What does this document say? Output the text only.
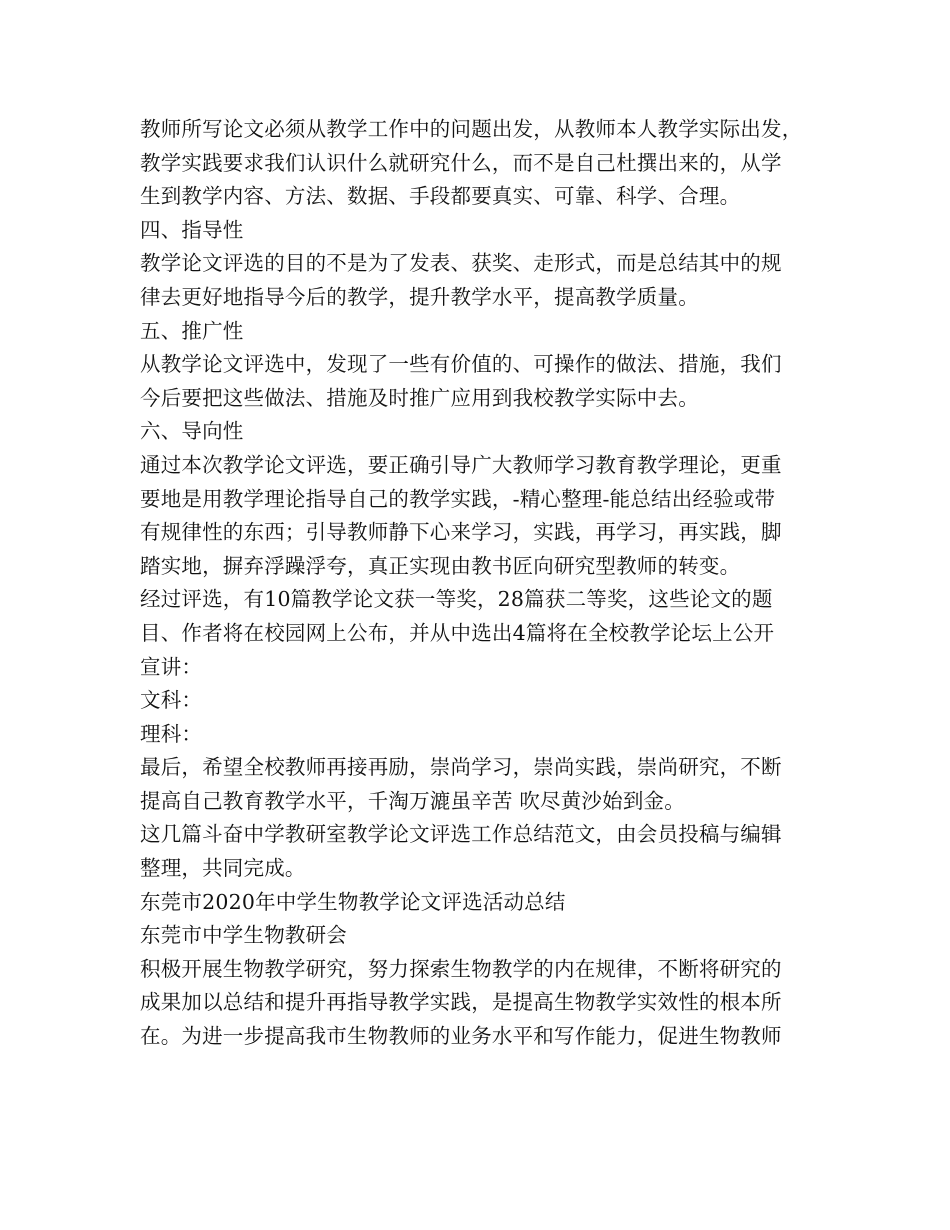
教师所写论文必须从教学工作中的问题出发，从教师本人教学实际出发，
教学实践要求我们认识什么就研究什么，而不是自己杜撰出来的，从学
生到教学内容、方法、数据、手段都要真实、可靠、科学、合理。
四、指导性
教学论文评选的目的不是为了发表、获奖、走形式，而是总结其中的规
律去更好地指导今后的教学，提升教学水平，提高教学质量。
五、推广性
从教学论文评选中，发现了一些有价值的、可操作的做法、措施，我们
今后要把这些做法、措施及时推广应用到我校教学实际中去。
六、导向性
通过本次教学论文评选，要正确引导广大教师学习教育教学理论，更重
要地是用教学理论指导自己的教学实践，-精心整理-能总结出经验或带
有规律性的东西；引导教师静下心来学习，实践，再学习，再实践，脚
踏实地，摒弃浮躁浮夸，真正实现由教书匠向研究型教师的转变。
经过评选，有10篇教学论文获一等奖，28篇获二等奖，这些论文的题
目、作者将在校园网上公布，并从中选出4篇将在全校教学论坛上公开
宣讲：
文科：
理科：
最后，希望全校教师再接再励，崇尚学习，崇尚实践，崇尚研究，不断
提高自己教育教学水平，千淘万漉虽辛苦 吹尽黄沙始到金。
这几篇斗奋中学教研室教学论文评选工作总结范文，由会员投稿与编辑
整理，共同完成。
东莞市2020年中学生物教学论文评选活动总结
东莞市中学生物教研会
积极开展生物教学研究，努力探索生物教学的内在规律，不断将研究的
成果加以总结和提升再指导教学实践，是提高生物教学实效性的根本所
在。为进一步提高我市生物教师的业务水平和写作能力，促进生物教师
